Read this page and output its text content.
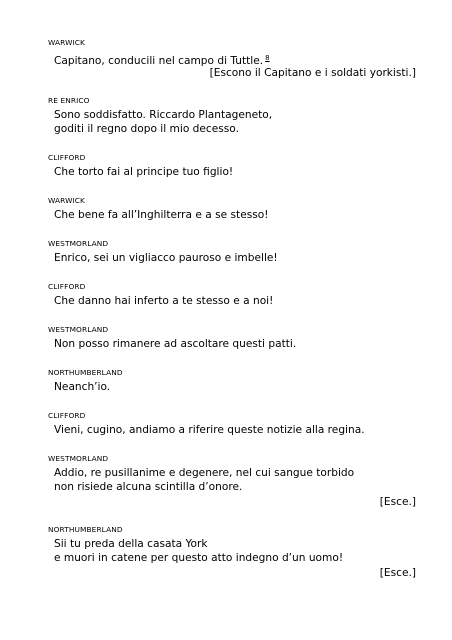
WARWICK
Capitano, conducili nel campo di Tuttle. $^8$
[Escono il Capitano e i soldati yorkisti.]
RE ENRICO
Sono soddisfatto. Riccardo Plantageneto,
goditi il regno dopo il mio decesso.
CLIFFORD
Che torto fai al principe tuo figlio!
WARWICK
Che bene fa all’Inghilterra e a se stesso!
WESTMORLAND
Enrico, sei un vigliacco pauroso e imbelle!
CLIFFORD
Che danno hai inferto a te stesso e a noi!
WESTMORLAND
Non posso rimanere ad ascoltare questi patti.
NORTHUMBERLAND
Neanch’io.
CLIFFORD
Vieni, cugino, andiamo a riferire queste notizie alla regina.
WESTMORLAND
Addio, re pusillanime e degenere, nel cui sangue torbido
non risiede alcuna scintilla d’onore.
[Esce.]
NORTHUMBERLAND
Sii tu preda della casata York
e muori in catene per questo atto indegno d’un uomo!
[Esce.]
